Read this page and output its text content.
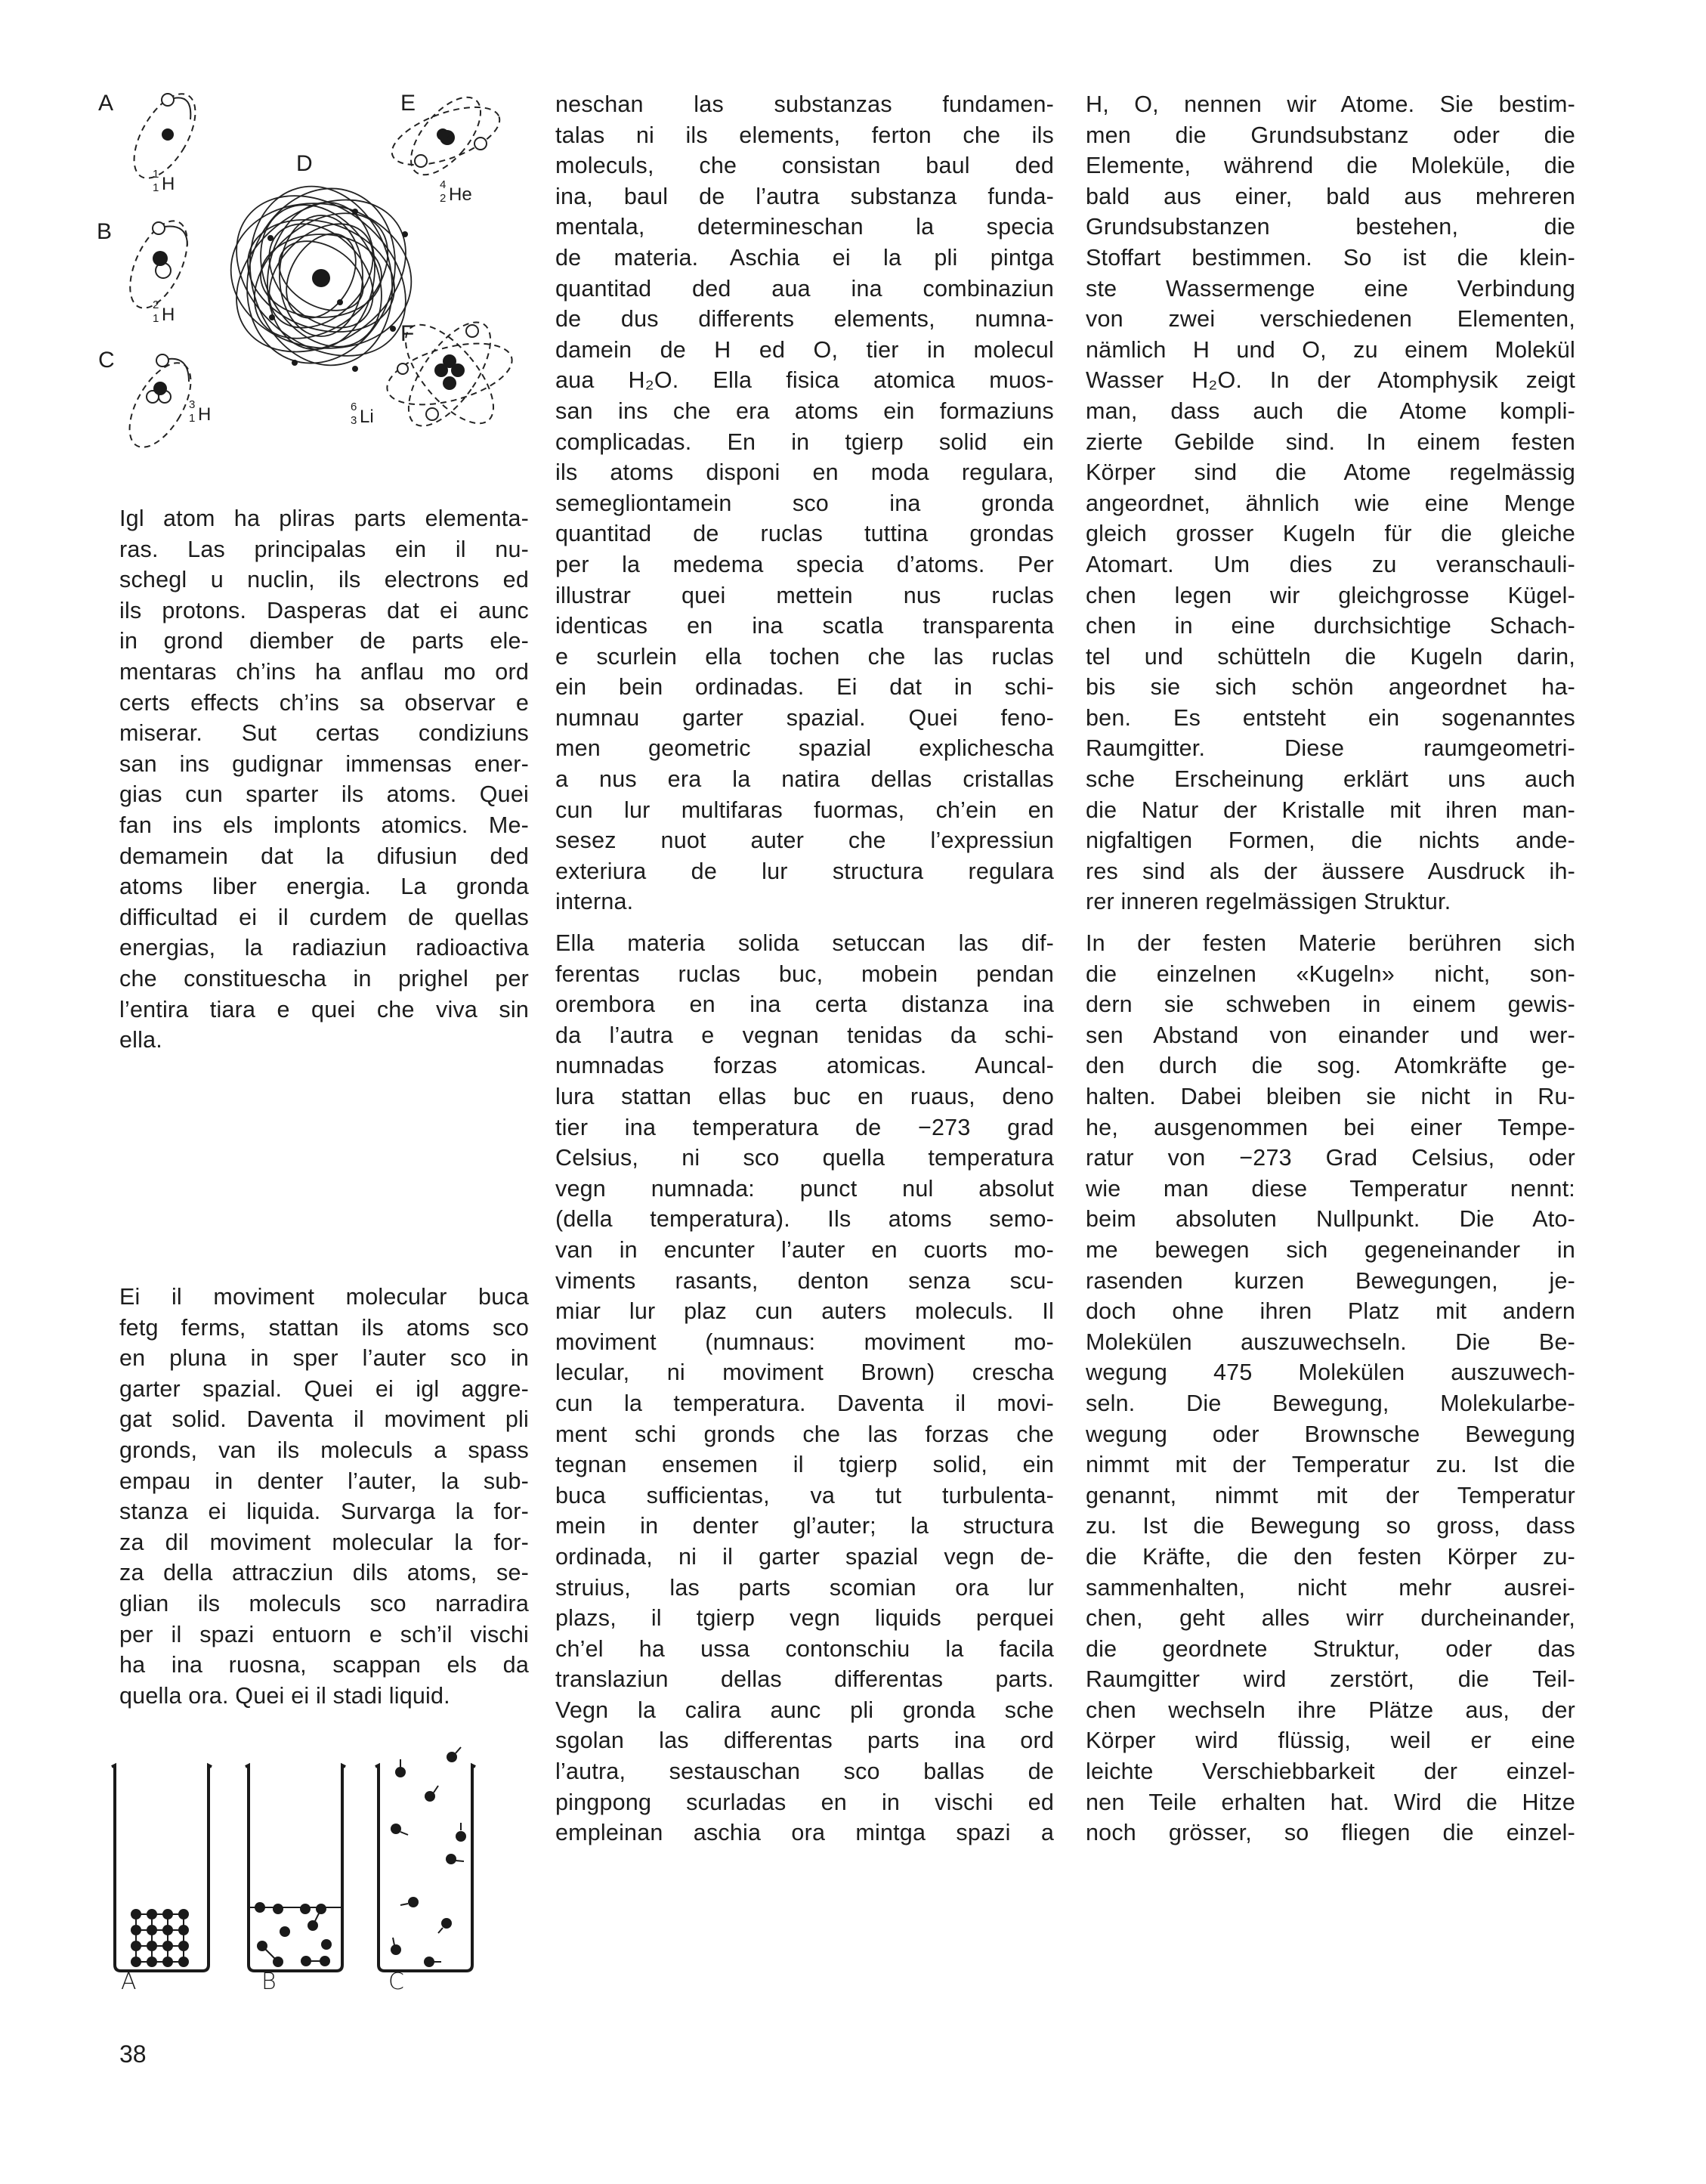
A
B
C
D
E
F
1
1 H
2
1 H
3
1 H
4
2 He
6
3 Li
Igl atom ha pliras parts elementa-
ras. Las principalas ein il nu-
schegl u nuclin, ils electrons ed
ils protons. Dasperas dat ei aunc
in grond diember de parts ele-
mentaras ch’ins ha anflau mo ord
certs effects ch’ins sa observar e
miserar. Sut certas condiziuns
san ins gudignar immensas ener-
gias cun sparter ils atoms. Quei
fan ins els implonts atomics. Me-
demamein dat la difusiun ded
atoms liber energia. La gronda
difficultad ei il curdem de quellas
energias, la radiaziun radioactiva
che constituescha in prighel per
l’entira tiara e quei che viva sin
ella.
Ei il moviment molecular buca
fetg ferms, stattan ils atoms sco
en pluna in sper l’auter sco in
garter spazial. Quei ei igl aggre-
gat solid. Daventa il moviment pli
gronds, van ils moleculs a spass
empau in denter l’auter, la sub-
stanza ei liquida. Survarga la for-
za dil moviment molecular la for-
za della attracziun dils atoms, se-
glian ils moleculs sco narradira
per il spazi entuorn e sch’il vischi
ha ina ruosna, scappan els da
quella ora. Quei ei il stadi liquid.
A	B	C
38
neschan las substanzas fundamen-
talas ni ils elements, ferton che ils
moleculs, che consistan baul ded
ina, baul de l’autra substanza funda-
mentala, determineschan la specia
de materia. Aschia ei la pli pintga
quantitad ded aua ina combinaziun
de dus differents elements, numna-
damein de H ed O, tier in molecul
aua H₂O. Ella fisica atomica muos-
san ins che era atoms ein formaziuns
complicadas. En in tgierp solid ein
ils atoms disponi en moda regulara,
semegliontamein sco ina gronda
quantitad de ruclas tuttina grondas
per la medema specia d’atoms. Per
illustrar quei mettein nus ruclas
identicas en ina scatla transparenta
e scurlein ella tochen che las ruclas
ein bein ordinadas. Ei dat in schi-
numnau garter spazial. Quei feno-
men geometric spazial explichescha
a nus era la natira dellas cristallas
cun lur multifaras fuormas, ch’ein en
sesez nuot auter che l’expressiun
exteriura de lur structura regulara
interna.
Ella materia solida setuccan las dif-
ferentas ruclas buc, mobein pendan
orembora en ina certa distanza ina
da l’autra e vegnan tenidas da schi-
numnadas forzas atomicas. Auncal-
lura stattan ellas buc en ruaus, deno
tier ina temperatura de −273 grad
Celsius, ni sco quella temperatura
vegn numnada: punct nul absolut
(della temperatura). Ils atoms semo-
van in encunter l’auter en cuorts mo-
viments rasants, denton senza scu-
miar lur plaz cun auters moleculs. Il
moviment (numnaus: moviment mo-
lecular, ni moviment Brown) crescha
cun la temperatura. Daventa il movi-
ment schi gronds che las forzas che
tegnan ensemen il tgierp solid, ein
buca sufficientas, va tut turbulenta-
mein in denter gl’auter; la structura
ordinada, ni il garter spazial vegn de-
struius, las parts scomian ora lur
plazs, il tgierp vegn liquids perquei
ch’el ha ussa contonschiu la facila
translaziun dellas differentas parts.
Vegn la calira aunc pli gronda sche
sgolan las differentas parts ina ord
l’autra, sestauschan sco ballas de
pingpong scurladas en in vischi ed
empleinan aschia ora mintga spazi a
H, O, nennen wir Atome. Sie bestim-
men die Grundsubstanz oder die
Elemente, während die Moleküle, die
bald aus einer, bald aus mehreren
Grundsubstanzen bestehen, die
Stoffart bestimmen. So ist die klein-
ste Wassermenge eine Verbindung
von zwei verschiedenen Elementen,
nämlich H und O, zu einem Molekül
Wasser H₂O. In der Atomphysik zeigt
man, dass auch die Atome kompli-
zierte Gebilde sind. In einem festen
Körper sind die Atome regelmässig
angeordnet, ähnlich wie eine Menge
gleich grosser Kugeln für die gleiche
Atomart. Um dies zu veranschauli-
chen legen wir gleichgrosse Kügel-
chen in eine durchsichtige Schach-
tel und schütteln die Kugeln darin,
bis sie sich schön angeordnet ha-
ben. Es entsteht ein sogenanntes
Raumgitter. Diese raumgeometri-
sche Erscheinung erklärt uns auch
die Natur der Kristalle mit ihren man-
nigfaltigen Formen, die nichts ande-
res sind als der äussere Ausdruck ih-
rer inneren regelmässigen Struktur.
In der festen Materie berühren sich
die einzelnen «Kugeln» nicht, son-
dern sie schweben in einem gewis-
sen Abstand von einander und wer-
den durch die sog. Atomkräfte ge-
halten. Dabei bleiben sie nicht in Ru-
he, ausgenommen bei einer Tempe-
ratur von −273 Grad Celsius, oder
wie man diese Temperatur nennt:
beim absoluten Nullpunkt. Die Ato-
me bewegen sich gegeneinander in
rasenden kurzen Bewegungen, je-
doch ohne ihren Platz mit andern
Molekülen auszuwechseln. Die Be-
wegung 475 Molekülen auszuwech-
seln. Die Bewegung, Molekularbe-
wegung oder Brownsche Bewegung
nimmt mit der Temperatur zu. Ist die
genannt, nimmt mit der Temperatur
zu. Ist die Bewegung so gross, dass
die Kräfte, die den festen Körper zu-
sammenhalten, nicht mehr ausrei-
chen, geht alles wirr durcheinander,
die geordnete Struktur, oder das
Raumgitter wird zerstört, die Teil-
chen wechseln ihre Plätze aus, der
Körper wird flüssig, weil er eine
leichte Verschiebbarkeit der einzel-
nen Teile erhalten hat. Wird die Hitze
noch grösser, so fliegen die einzel-
